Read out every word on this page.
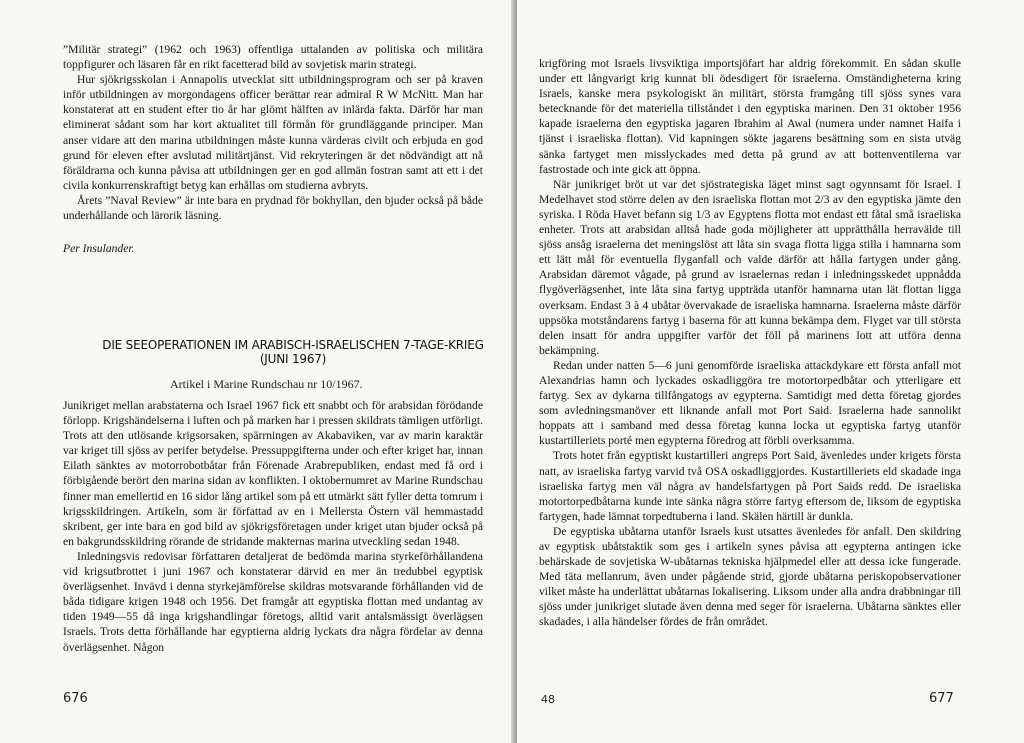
”Militär strategi” (1962 och 1963) offentliga uttalanden av politiska och militära toppfigurer och läsaren får en rikt facetterad bild av sovjetisk marin strategi.

Hur sjökrigsskolan i Annapolis utvecklat sitt utbildningsprogram och ser på kraven inför utbildningen av morgondagens officer berättar rear admiral R W McNitt. Man har konstaterat att en student efter tio år har glömt hälften av inlärda fakta. Därför har man eliminerat sådant som har kort aktualitet till förmån för grundläggande principer. Man anser vidare att den marina utbildningen måste kunna värderas civilt och erbjuda en god grund för eleven efter avslutad militärtjänst. Vid rekryteringen är det nödvändigt att nå föräldrarna och kunna påvisa att utbildningen ger en god allmän fostran samt att ett i det civila konkurrenskraftigt betyg kan erhållas om studierna avbryts.

Årets ”Naval Review” är inte bara en prydnad för bokhyllan, den bjuder också på både underhållande och lärorik läsning.

Per Insulander.

DIE SEEOPERATIONEN IM ARABISCH-ISRAELISCHEN 7-TAGE-KRIEG (JUNI 1967)
Artikel i Marine Rundschau nr 10/1967.

Junikriget mellan arabstaterna och Israel 1967 fick ett snabbt och för arabsidan förödande förlopp. Krigshändelserna i luften och på marken har i pressen skildrats tämligen utförligt. Trots att den utlösande krigsorsaken, spärrningen av Akabaviken, var av marin karaktär var kriget till sjöss av perifer betydelse. Pressuppgifterna under och efter kriget har, innan Eilath sänktes av motorrobotbåtar från Förenade Arabrepubliken, endast med få ord i förbigående berört den marina sidan av konflikten. I oktobernumret av Marine Rundschau finner man emellertid en 16 sidor lång artikel som på ett utmärkt sätt fyller detta tomrum i krigsskildringen. Artikeln, som är författad av en i Mellersta Östern väl hemmastadd skribent, ger inte bara en god bild av sjökrigsföretagen under kriget utan bjuder också på en bakgrundsskildring rörande de stridande makternas marina utveckling sedan 1948.

Inledningsvis redovisar författaren detaljerat de bedömda marina styrkeförhållandena vid krigsutbrottet i juni 1967 och konstaterar därvid en mer än tredubbel egyptisk överlägsenhet. Invävd i denna styrkejämförelse skildras motsvarande förhållanden vid de båda tidigare krigen 1948 och 1956. Det framgår att egyptiska flottan med undantag av tiden 1949—55 då inga krigshandlingar företogs, alltid varit antalsmässigt överlägsen Israels. Trots detta förhållande har egyptierna aldrig lyckats dra några fördelar av denna överlägsenhet. Någon

676

krigföring mot Israels livsviktiga importsjöfart har aldrig förekommit. En sådan skulle under ett långvarigt krig kunnat bli ödesdigert för israelerna. Omständigheterna kring Israels, kanske mera psykologiskt än militärt, största framgång till sjöss synes vara betecknande för det materiella tillståndet i den egyptiska marinen. Den 31 oktober 1956 kapade israelerna den egyptiska jagaren Ibrahim al Awal (numera under namnet Haifa i tjänst i israeliska flottan). Vid kapningen sökte jagarens besättning som en sista utväg sänka fartyget men misslyckades med detta på grund av att bottenventilerna var fastrostade och inte gick att öppna.

När junikriget bröt ut var det sjöstrategiska läget minst sagt ogynnsamt för Israel. I Medelhavet stod större delen av den israeliska flottan mot 2/3 av den egyptiska jämte den syriska. I Röda Havet befann sig 1/3 av Egyptens flotta mot endast ett fåtal små israeliska enheter. Trots att arabsidan alltså hade goda möjligheter att upprätthålla herravälde till sjöss ansåg israelerna det meningslöst att låta sin svaga flotta ligga stilla i hamnarna som ett lätt mål för eventuella flyganfall och valde därför att hålla fartygen under gång. Arabsidan däremot vågade, på grund av israelernas redan i inledningsskedet uppnådda flygöverlägsenhet, inte låta sina fartyg uppträda utanför hamnarna utan lät flottan ligga overksam. Endast 3 à 4 ubåtar övervakade de israeliska hamnarna. Israelerna måste därför uppsöka motståndarens fartyg i baserna för att kunna bekämpa dem. Flyget var till största delen insatt för andra uppgifter varför det föll på marinens lott att utföra denna bekämpning.

Redan under natten 5—6 juni genomförde israeliska attackdykare ett första anfall mot Alexandrias hamn och lyckades oskadliggöra tre motortorpedbåtar och ytterligare ett fartyg. Sex av dykarna tillfångatogs av egypterna. Samtidigt med detta företag gjordes som avledningsmanöver ett liknande anfall mot Port Said. Israelerna hade sannolikt hoppats att i samband med dessa företag kunna locka ut egyptiska fartyg utanför kustartilleriets porté men egypterna föredrog att förbli overksamma.

Trots hotet från egyptiskt kustartilleri angreps Port Said, ävenledes under krigets första natt, av israeliska fartyg varvid två OSA oskadliggjordes. Kustartilleriets eld skadade inga israeliska fartyg men väl några av handelsfartygen på Port Saids redd. De israeliska motortorpedbåtarna kunde inte sänka några större fartyg eftersom de, liksom de egyptiska fartygen, hade lämnat torpedtuberna i land. Skälen härtill är dunkla.

De egyptiska ubåtarna utanför Israels kust utsattes ävenledes för anfall. Den skildring av egyptisk ubåtstaktik som ges i artikeln synes påvisa att egypterna antingen icke behärskade de sovjetiska W-ubåtarnas tekniska hjälpmedel eller att dessa icke fungerade. Med täta mellanrum, även under pågående strid, gjorde ubåtarna periskopobservationer vilket måste ha underlättat ubåtarnas lokalisering. Liksom under alla andra drabbningar till sjöss under junikriget slutade även denna med seger för israelerna. Ubåtarna sänktes eller skadades, i alla händelser fördes de från området.

48	677
